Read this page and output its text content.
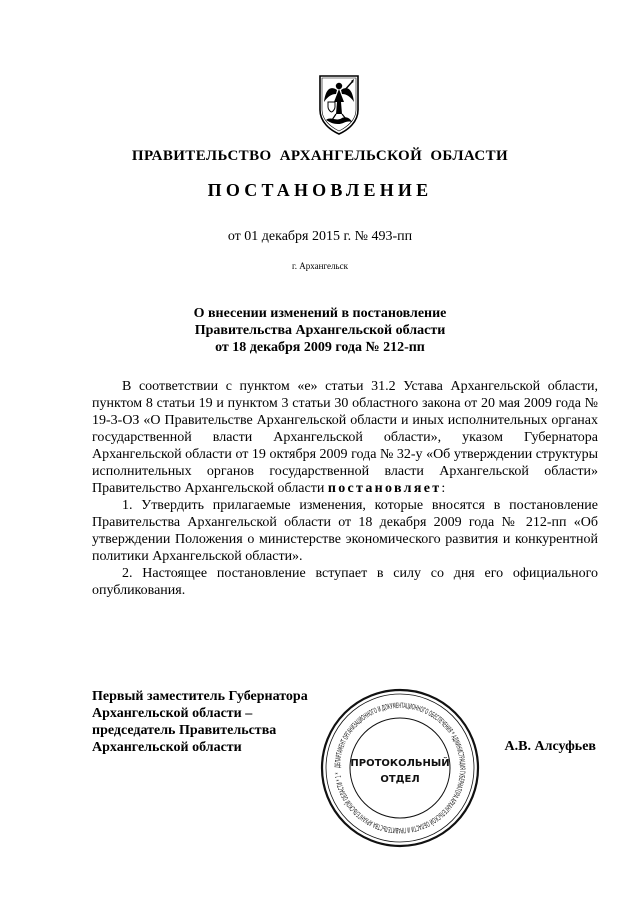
ПРАВИТЕЛЬСТВО АРХАНГЕЛЬСКОЙ ОБЛАСТИ
ПОСТАНОВЛЕНИЕ
от 01 декабря 2015 г. № 493-пп
г. Архангельск
О внесении изменений в постановление
Правительства Архангельской области
от 18 декабря 2009 года № 212-пп

В соответствии с пунктом «е» статьи 31.2 Устава Архангельской области, пунктом 8 статьи 19 и пунктом 3 статьи 30 областного закона от 20 мая 2009 года № 19-3-ОЗ «О Правительстве Архангельской области и иных исполнительных органах государственной власти Архангельской области», указом Губернатора Архангельской области от 19 октября 2009 года № 32-у «Об утверждении структуры исполнительных органов государственной власти Архангельской области» Правительство Архангельской области постановляет:

1. Утвердить прилагаемые изменения, которые вносятся в постановление Правительства Архангельской области от 18 декабря 2009 года № 212-пп «Об утверждении Положения о министерстве экономического развития и конкурентной политики Архангельской области».

2. Настоящее постановление вступает в силу со дня его официального опубликования.

Первый заместитель Губернатора
Архангельской области –
председатель Правительства
Архангельской области	А.В. Алсуфьев
ДЕПАРТАМЕНТ ОРГАНИЗАЦИОННОГО И ДОКУМЕНТАЦИОННОГО ОБЕСПЕЧЕНИЯ * АДМИНИСТРАЦИЯ ГУБЕРНАТОРА АРХАНГЕЛЬСКОЙ ОБЛАСТИ И ПРАВИТЕЛЬСТВА АРХАНГЕЛЬСКОЙ ОБЛАСТИ * 1 *
ПРОТОКОЛЬНЫЙ
ОТДЕЛ
